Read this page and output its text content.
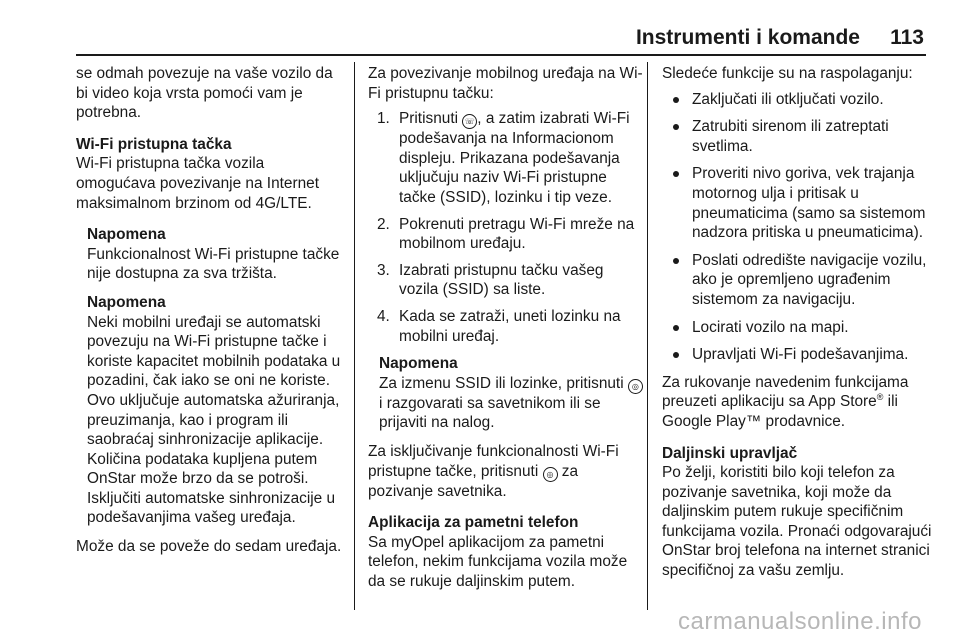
Instrumenti i komande 113

se odmah povezuje na vaše vozilo da bi video koja vrsta pomoći vam je potrebna.

Wi-Fi pristupna tačka

Wi-Fi pristupna tačka vozila omogućava povezivanje na Internet maksimalnom brzinom od 4G/LTE.

Napomena
Funkcionalnost Wi-Fi pristupne tačke nije dostupna za sva tržišta.
Napomena
Neki mobilni uređaji se automatski povezuju na Wi-Fi pristupne tačke i koriste kapacitet mobilnih podataka u pozadini, čak iako se oni ne koriste. Ovo uključuje automatska ažuriranja, preuzimanja, kao i program ili saobraćaj sinhronizacije aplikacije. Količina podataka kupljena putem OnStar može brzo da se potroši. Isključiti automatske sinhronizacije u podešavanjima vašeg uređaja.

Može da se poveže do sedam uređaja.

Za povezivanje mobilnog uređaja na Wi-Fi pristupnu tačku:

1. Pritisnuti ☏ , a zatim izabrati Wi-Fi podešavanja na Informacionom displeju. Prikazana podešavanja uključuju naziv Wi-Fi pristupne tačke (SSID), lozinku i tip veze.
2. Pokrenuti pretragu Wi-Fi mreže na mobilnom uređaju.
3. Izabrati pristupnu tačku vašeg vozila (SSID) sa liste.
4. Kada se zatraži, uneti lozinku na mobilni uređaj.
Napomena
Za izmenu SSID ili lozinke, pritisnuti ◎ i razgovarati sa savetnikom ili se prijaviti na nalog.

Za isključivanje funkcionalnosti Wi-Fi pristupne tačke, pritisnuti ◎ za pozivanje savetnika.

Aplikacija za pametni telefon

Sa myOpel aplikacijom za pametni telefon, nekim funkcijama vozila može da se rukuje daljinskim putem.

Sledeće funkcije su na raspolaganju:

Zaključati ili otključati vozilo.
Zatrubiti sirenom ili zatreptati svetlima.
Proveriti nivo goriva, vek trajanja motornog ulja i pritisak u pneumaticima (samo sa sistemom nadzora pritiska u pneumaticima).
Poslati odredište navigacije vozilu, ako je opremljeno ugrađenim sistemom za navigaciju.
Locirati vozilo na mapi.
Upravljati Wi-Fi podešavanjima.

Za rukovanje navedenim funkcijama preuzeti aplikaciju sa App Store® ili Google Play™ prodavnice.

Daljinski upravljač

Po želji, koristiti bilo koji telefon za pozivanje savetnika, koji može da daljinskim putem rukuje specifičnim funkcijama vozila. Pronaći odgovarajući OnStar broj telefona na internet stranici specifičnoj za vašu zemlju.

carmanualsonline.info
